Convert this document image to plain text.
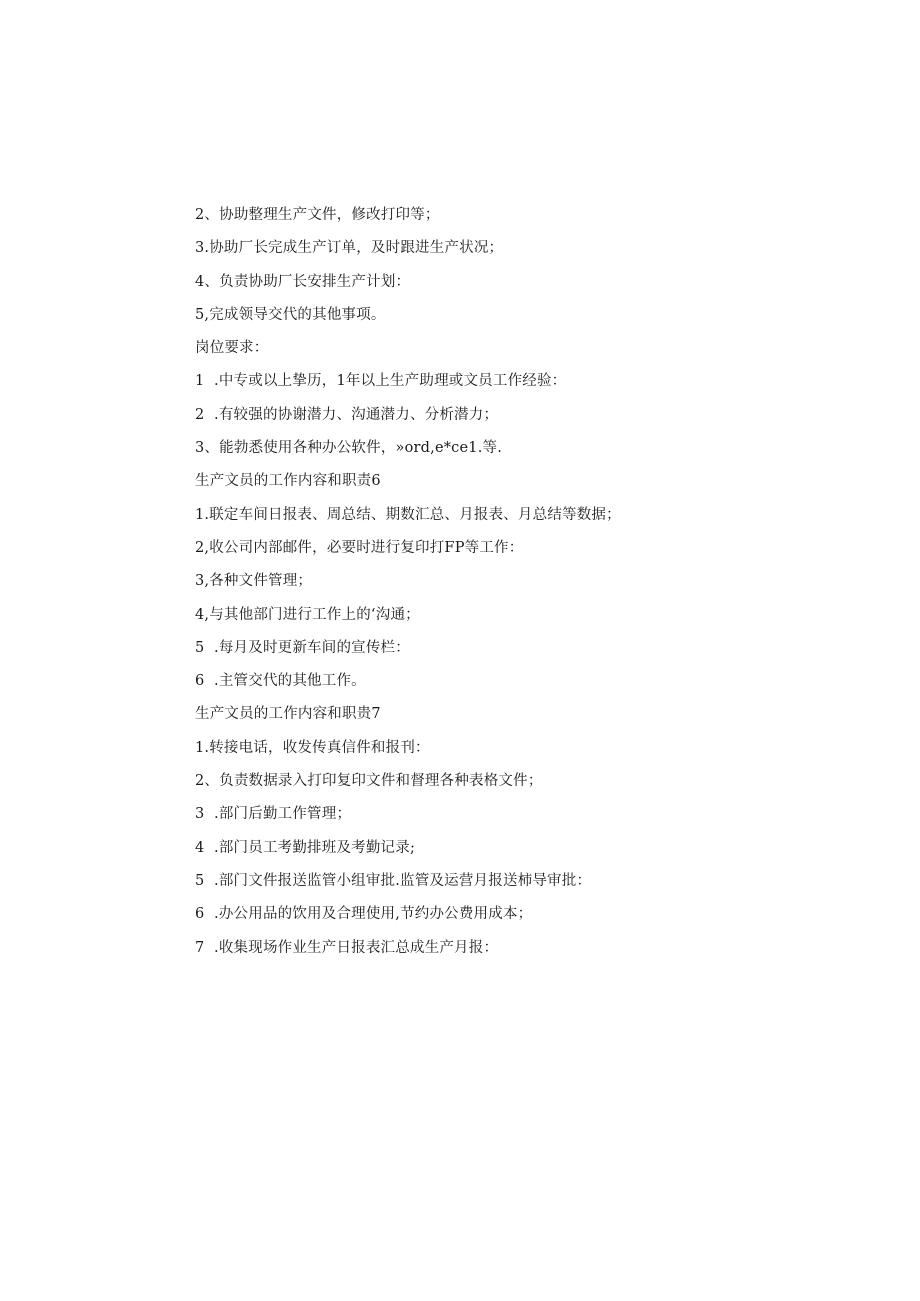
2、协助整理生产文件，修改打印等；
3.协助厂长完成生产订单，及时跟进生产状况；
4、负责协助厂长安排生产计划：
5,完成领导交代的其他事项。
岗位要求：
1  .中专或以上挚历，1年以上生产助理或文员工作经验：
2  .有较强的协谢潜力、沟通潜力、分析潜力；
3、能勃悉使用各种办公软件，»ord,e*ce1.等.
生产文员的工作内容和职责6
1.联定车间日报表、周总结、期数汇总、月报表、月总结等数据；
2,收公司内部邮件，必要时进行复印打FP等工作：
3,各种文件管理；
4,与其他部门进行工作上的‘沟通；
5  .每月及时更新车间的宣传栏：
6  .主管交代的其他工作。
生产文员的工作内容和职贵7
1.转接电话，收发传真信件和报刊：
2、负责数据录入打印复印文件和督理各种表格文件；
3  .部门后勤工作管理；
4  .部门员工考勤排班及考勤记录;
5  .部门文件报送监管小组审批.监管及运营月报送柿导审批：
6  .办公用品的饮用及合理使用,节约办公费用成本；
7  .收集现场作业生产日报表汇总成生产月报：
